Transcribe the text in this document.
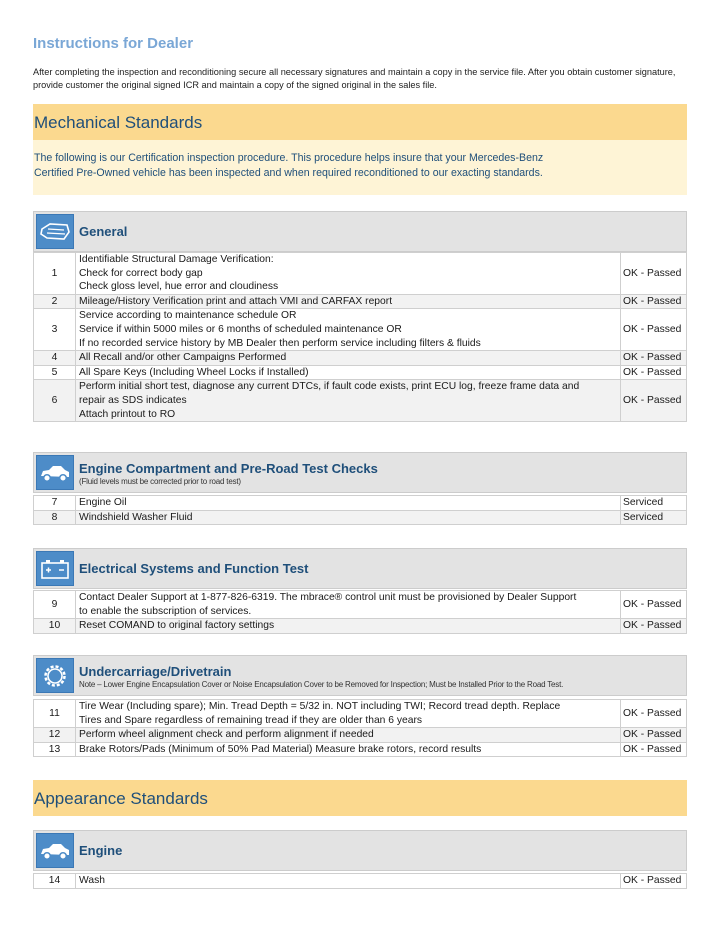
Instructions for Dealer
After completing the inspection and reconditioning secure all necessary signatures and maintain a copy in the service file. After you obtain customer signature, provide customer the original signed ICR and maintain a copy of the signed original in the sales file.
Mechanical Standards
The following is our Certification inspection procedure. This procedure helps insure that your Mercedes-Benz
Certified Pre-Owned vehicle has been inspected and when required reconditioned to our exacting standards.
General
1	Identifiable Structural Damage Verification:
Check for correct body gap
Check gloss level, hue error and cloudiness	OK - Passed
2	Mileage/History Verification print and attach VMI and CARFAX report	OK - Passed
3	Service according to maintenance schedule OR
Service if within 5000 miles or 6 months of scheduled maintenance OR
If no recorded service history by MB Dealer then perform service including filters & fluids	OK - Passed
4	All Recall and/or other Campaigns Performed	OK - Passed
5	All Spare Keys (Including Wheel Locks if Installed)	OK - Passed
6	Perform initial short test, diagnose any current DTCs, if fault code exists, print ECU log, freeze frame data and
repair as SDS indicates
Attach printout to RO	OK - Passed
Engine Compartment and Pre-Road Test Checks
(Fluid levels must be corrected prior to road test)
7	Engine Oil	Serviced
8	Windshield Washer Fluid	Serviced
Electrical Systems and Function Test
9	Contact Dealer Support at 1-877-826-6319. The mbrace® control unit must be provisioned by Dealer Support
to enable the subscription of services.	OK - Passed
10	Reset COMAND to original factory settings	OK - Passed
Undercarriage/Drivetrain
Note – Lower Engine Encapsulation Cover or Noise Encapsulation Cover to be Removed for Inspection; Must be Installed Prior to the Road Test.
11	Tire Wear (Including spare); Min. Tread Depth = 5/32 in. NOT including TWI; Record tread depth. Replace
Tires and Spare regardless of remaining tread if they are older than 6 years	OK - Passed
12	Perform wheel alignment check and perform alignment if needed	OK - Passed
13	Brake Rotors/Pads (Minimum of 50% Pad Material) Measure brake rotors, record results	OK - Passed
Appearance Standards
Engine
14	Wash	OK - Passed
